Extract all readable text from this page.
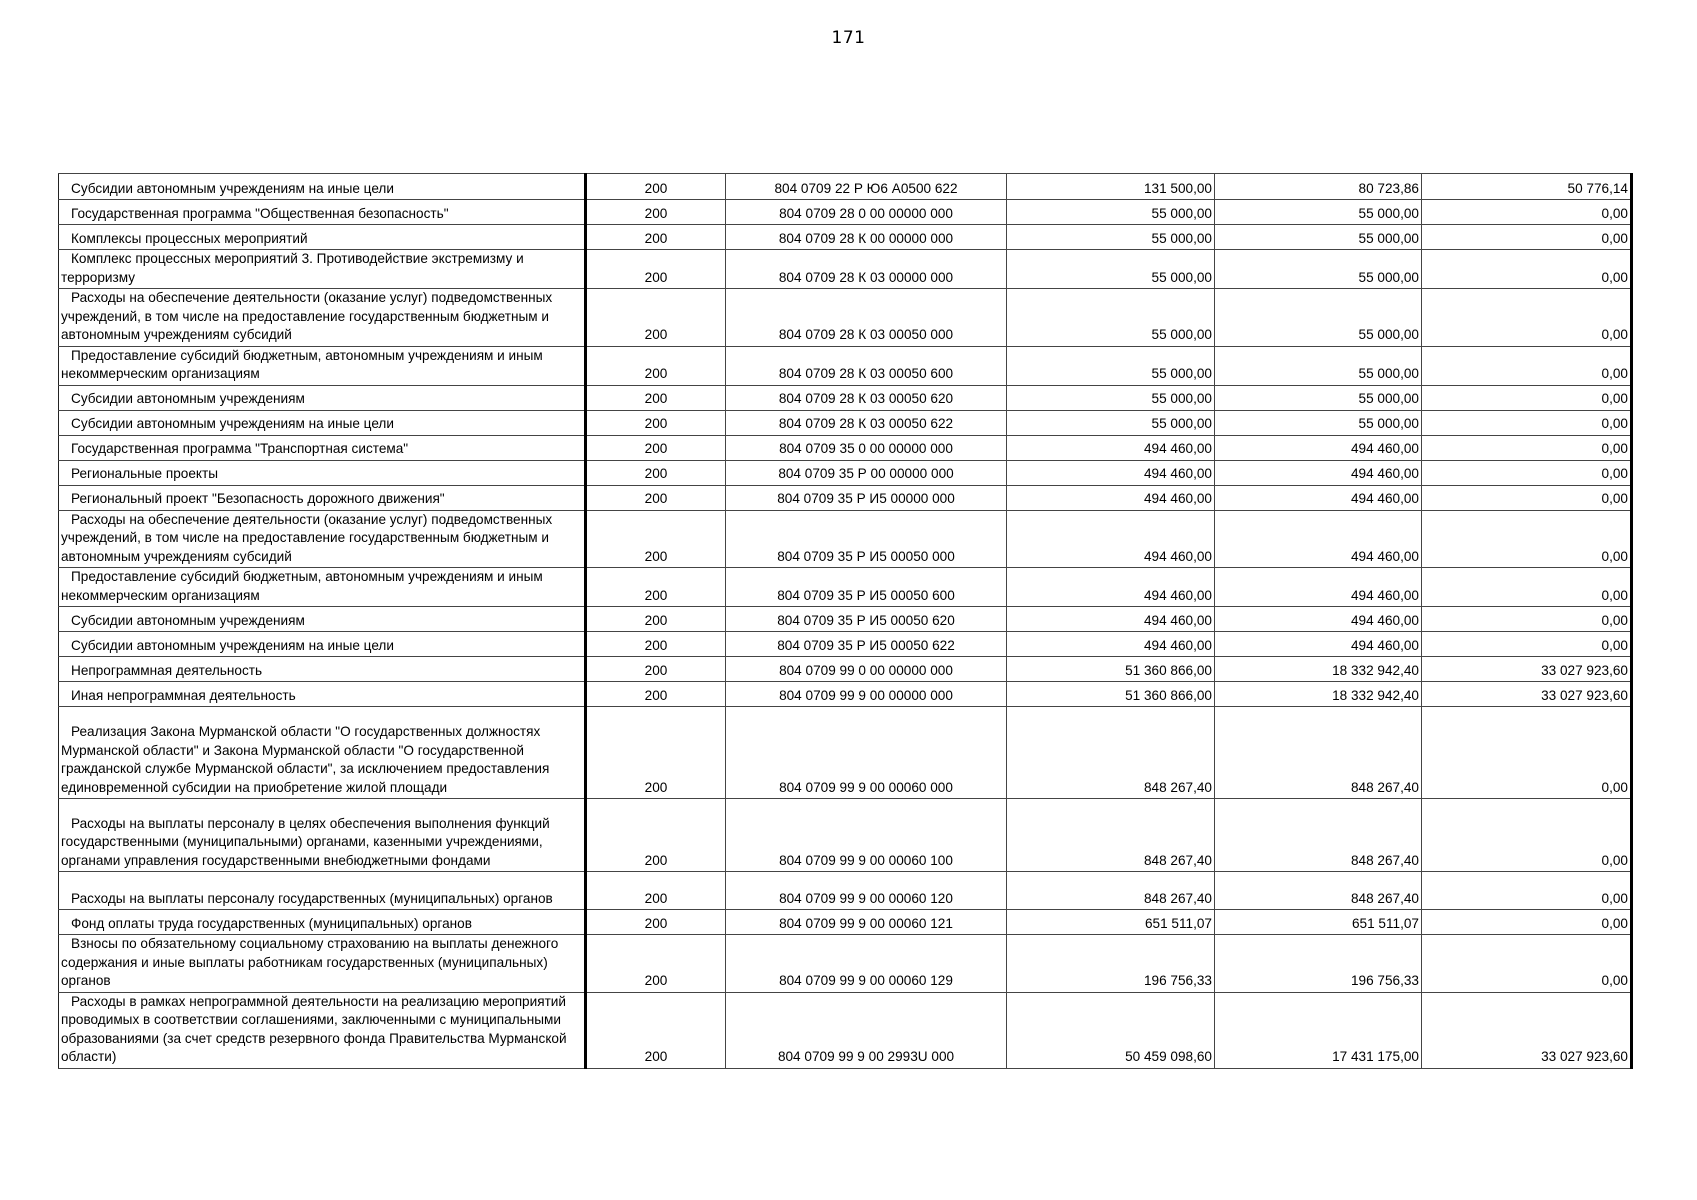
171
Субсидии автономным учреждениям на иные цели	200	804 0709 22 Р Ю6 А0500 622	131 500,00	80 723,86	50 776,14
Государственная программа "Общественная безопасность"	200	804 0709 28 0 00 00000 000	55 000,00	55 000,00	0,00
Комплексы процессных мероприятий	200	804 0709 28 К 00 00000 000	55 000,00	55 000,00	0,00
Комплекс процессных мероприятий 3. Противодействие экстремизму и терроризму	200	804 0709 28 К 03 00000 000	55 000,00	55 000,00	0,00
Расходы на обеспечение деятельности (оказание услуг) подведомственных учреждений, в том числе на предоставление государственным бюджетным и автономным учреждениям субсидий	200	804 0709 28 К 03 00050 000	55 000,00	55 000,00	0,00
Предоставление субсидий бюджетным, автономным учреждениям и иным некоммерческим организациям	200	804 0709 28 К 03 00050 600	55 000,00	55 000,00	0,00
Субсидии автономным учреждениям	200	804 0709 28 К 03 00050 620	55 000,00	55 000,00	0,00
Субсидии автономным учреждениям на иные цели	200	804 0709 28 К 03 00050 622	55 000,00	55 000,00	0,00
Государственная программа "Транспортная система"	200	804 0709 35 0 00 00000 000	494 460,00	494 460,00	0,00
Региональные проекты	200	804 0709 35 Р 00 00000 000	494 460,00	494 460,00	0,00
Региональный проект "Безопасность дорожного движения"	200	804 0709 35 Р И5 00000 000	494 460,00	494 460,00	0,00
Расходы на обеспечение деятельности (оказание услуг) подведомственных учреждений, в том числе на предоставление государственным бюджетным и автономным учреждениям субсидий	200	804 0709 35 Р И5 00050 000	494 460,00	494 460,00	0,00
Предоставление субсидий бюджетным, автономным учреждениям и иным некоммерческим организациям	200	804 0709 35 Р И5 00050 600	494 460,00	494 460,00	0,00
Субсидии автономным учреждениям	200	804 0709 35 Р И5 00050 620	494 460,00	494 460,00	0,00
Субсидии автономным учреждениям на иные цели	200	804 0709 35 Р И5 00050 622	494 460,00	494 460,00	0,00
Непрограммная деятельность	200	804 0709 99 0 00 00000 000	51 360 866,00	18 332 942,40	33 027 923,60
Иная непрограммная деятельность	200	804 0709 99 9 00 00000 000	51 360 866,00	18 332 942,40	33 027 923,60
Реализация Закона Мурманской области "О государственных должностях Мурманской области" и Закона Мурманской области "О государственной гражданской службе Мурманской области", за исключением предоставления единовременной субсидии на приобретение жилой площади	200	804 0709 99 9 00 00060 000	848 267,40	848 267,40	0,00
Расходы на выплаты персоналу в целях обеспечения выполнения функций государственными (муниципальными) органами, казенными учреждениями, органами управления государственными внебюджетными фондами	200	804 0709 99 9 00 00060 100	848 267,40	848 267,40	0,00
Расходы на выплаты персоналу государственных (муниципальных) органов	200	804 0709 99 9 00 00060 120	848 267,40	848 267,40	0,00
Фонд оплаты труда государственных (муниципальных) органов	200	804 0709 99 9 00 00060 121	651 511,07	651 511,07	0,00
Взносы по обязательному социальному страхованию на выплаты денежного содержания и иные выплаты работникам государственных (муниципальных) органов	200	804 0709 99 9 00 00060 129	196 756,33	196 756,33	0,00
Расходы в рамках непрограммной деятельности на реализацию мероприятий проводимых в соответствии соглашениями, заключенными с муниципальными образованиями (за счет средств резервного фонда Правительства Мурманской области)	200	804 0709 99 9 00 2993U 000	50 459 098,60	17 431 175,00	33 027 923,60
